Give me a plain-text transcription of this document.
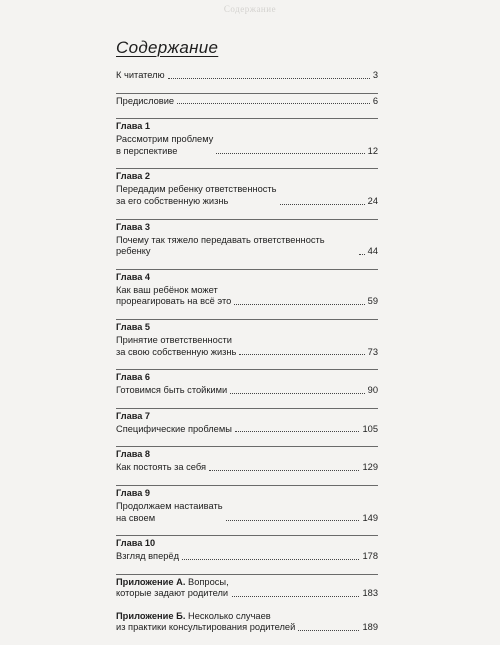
Содержание
Содержание
К читателю	3
Предисловие	6
Глава 1
Рассмотрим проблему
в перспективе	12
Глава 2
Передадим ребенку ответственность
за его собственную жизнь	24
Глава 3
Почему так тяжело передавать ответственность ребенку	44
Глава 4
Как ваш ребёнок может
прореагировать на всё это	59
Глава 5
Принятие ответственности
за свою собственную жизнь	73
Глава 6
Готовимся быть стойкими	90
Глава 7
Специфические проблемы	105
Глава 8
Как постоять за себя	129
Глава 9
Продолжаем настаивать
на своем	149
Глава 10
Взгляд вперёд	178
Приложение А. Вопросы,
которые задают родители	183
Приложение Б. Несколько случаев
из практики консультирования родителей	189
